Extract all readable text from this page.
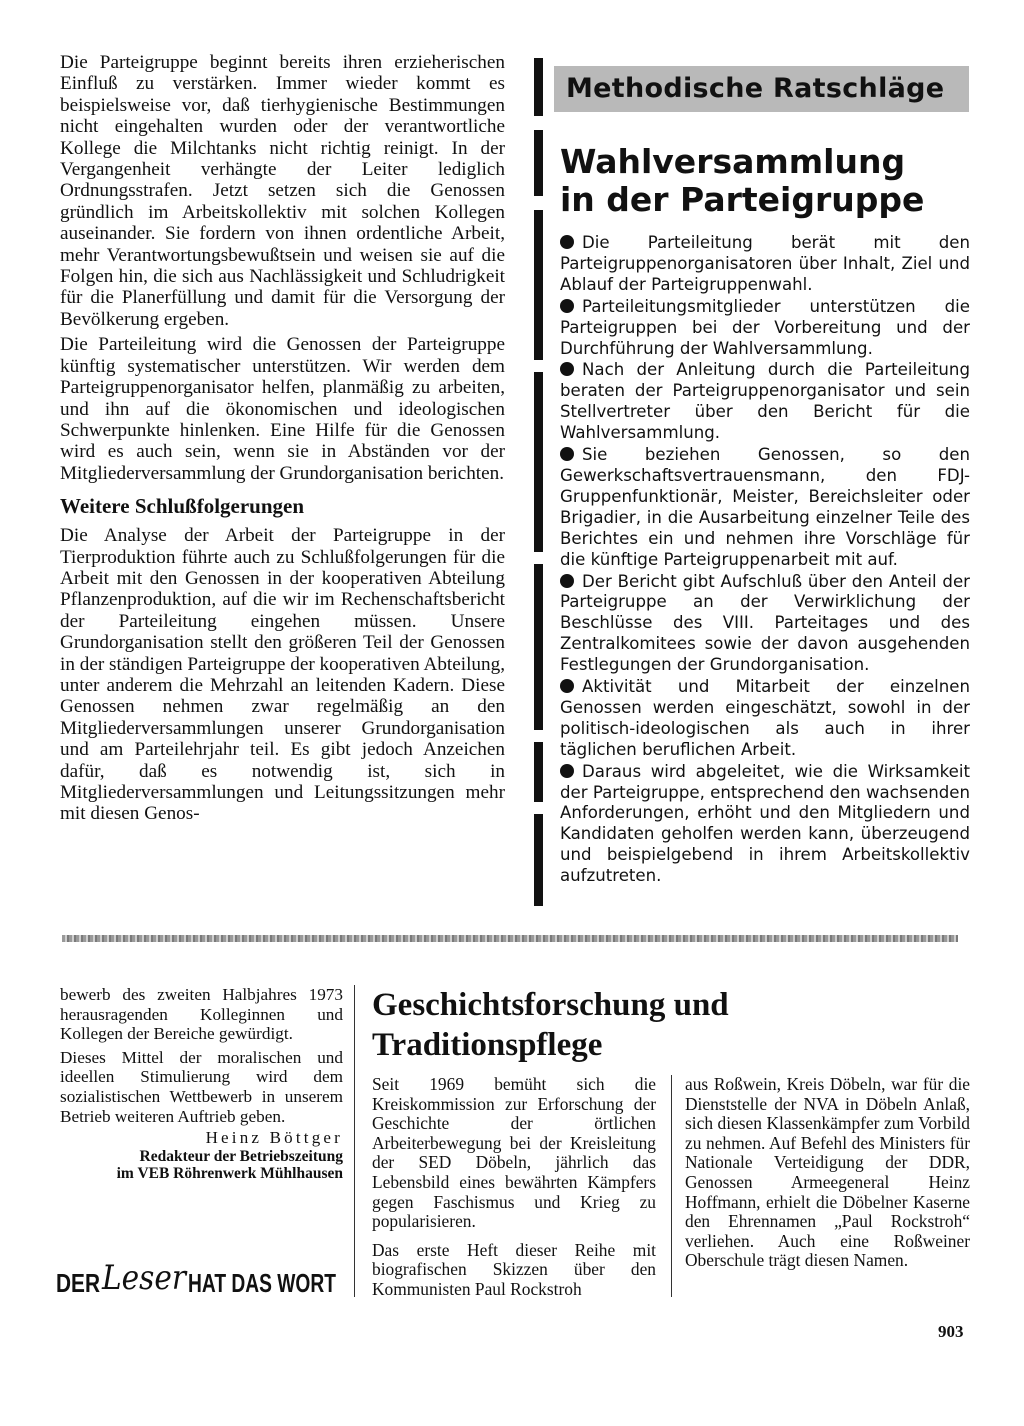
Die Parteigruppe beginnt bereits ihren erzieherischen Einfluß zu verstärken. Immer wieder kommt es beispielsweise vor, daß tierhygienische Bestimmungen nicht eingehalten wurden oder der verantwortliche Kollege die Milchtanks nicht richtig reinigt. In der Vergangenheit verhängte der Leiter lediglich Ordnungsstrafen. Jetzt setzen sich die Genossen gründlich im Arbeitskollektiv mit solchen Kollegen auseinander. Sie fordern von ihnen ordentliche Arbeit, mehr Verantwortungsbewußtsein und weisen sie auf die Folgen hin, die sich aus Nachlässigkeit und Schludrigkeit für die Planerfüllung und damit für die Versorgung der Bevölkerung ergeben.

Die Parteileitung wird die Genossen der Parteigruppe künftig systematischer unterstützen. Wir werden dem Parteigruppenorganisator helfen, planmäßig zu arbeiten, und ihn auf die ökonomischen und ideologischen Schwerpunkte hinlenken. Eine Hilfe für die Genossen wird es auch sein, wenn sie in Abständen vor der Mitgliederversammlung der Grundorganisation berichten.

Weitere Schlußfolgerungen

Die Analyse der Arbeit der Parteigruppe in der Tierproduktion führte auch zu Schlußfolgerungen für die Arbeit mit den Genossen in der kooperativen Abteilung Pflanzenproduktion, auf die wir im Rechenschaftsbericht der Parteileitung eingehen müssen. Unsere Grundorganisation stellt den größeren Teil der Genossen in der ständigen Parteigruppe der kooperativen Abteilung, unter anderem die Mehrzahl an leitenden Kadern. Diese Genossen nehmen zwar regelmäßig an den Mitgliederversammlungen unserer Grundorganisation und am Parteilehrjahr teil. Es gibt jedoch Anzeichen dafür, daß es notwendig ist, sich in Mitgliederversammlungen und Leitungssitzungen mehr mit diesen Genos-

Methodische Ratschläge
Wahlversammlung
in der Parteigruppe

Die Parteileitung berät mit den Parteigruppenorganisatoren über Inhalt, Ziel und Ablauf der Parteigruppenwahl.

Parteileitungsmitglieder unterstützen die Parteigruppen bei der Vorbereitung und der Durchführung der Wahlversammlung.

Nach der Anleitung durch die Parteileitung beraten der Parteigruppenorganisator und sein Stellvertreter über den Bericht für die Wahlversammlung.

Sie beziehen Genossen, so den Gewerkschaftsvertrauensmann, den FDJ-Gruppenfunktionär, Meister, Bereichsleiter oder Brigadier, in die Ausarbeitung einzelner Teile des Berichtes ein und nehmen ihre Vorschläge für die künftige Parteigruppenarbeit mit auf.

Der Bericht gibt Aufschluß über den Anteil der Parteigruppe an der Verwirklichung der Beschlüsse des VIII. Parteitages und des Zentralkomitees sowie der davon ausgehenden Festlegungen der Grundorganisation.

Aktivität und Mitarbeit der einzelnen Genossen werden eingeschätzt, sowohl in der politisch-ideologischen als auch in ihrer täglichen beruflichen Arbeit.

Daraus wird abgeleitet, wie die Wirksamkeit der Parteigruppe, entsprechend den wachsenden Anforderungen, erhöht und den Mitgliedern und Kandidaten geholfen werden kann, überzeugend und beispielgebend in ihrem Arbeitskollektiv aufzutreten.

bewerb des zweiten Halbjahres 1973 herausragenden Kolleginnen und Kollegen der Bereiche gewürdigt.

Dieses Mittel der moralischen und ideellen Stimulierung wird dem sozialistischen Wettbewerb in unserem Betrieb weiteren Auftrieb geben.

Heinz Böttger
Redakteur der Betriebszeitung
im VEB Röhrenwerk Mühlhausen
DER Leser HAT DAS WORT
Geschichtsforschung und
Traditionspflege

Seit 1969 bemüht sich die Kreiskommission zur Erforschung der Geschichte der örtlichen Arbeiterbewegung bei der Kreisleitung der SED Döbeln, jährlich das Lebensbild eines bewährten Kämpfers gegen Faschismus und Krieg zu popularisieren.

Das erste Heft dieser Reihe mit biografischen Skizzen über den Kommunisten Paul Rockstroh

aus Roßwein, Kreis Döbeln, war für die Dienststelle der NVA in Döbeln Anlaß, sich diesen Klassenkämpfer zum Vorbild zu nehmen. Auf Befehl des Ministers für Nationale Verteidigung der DDR, Genossen Armeegeneral Heinz Hoffmann, erhielt die Döbelner Kaserne den Ehrennamen „Paul Rockstroh“ verliehen. Auch eine Roßweiner Oberschule trägt diesen Namen.

903
